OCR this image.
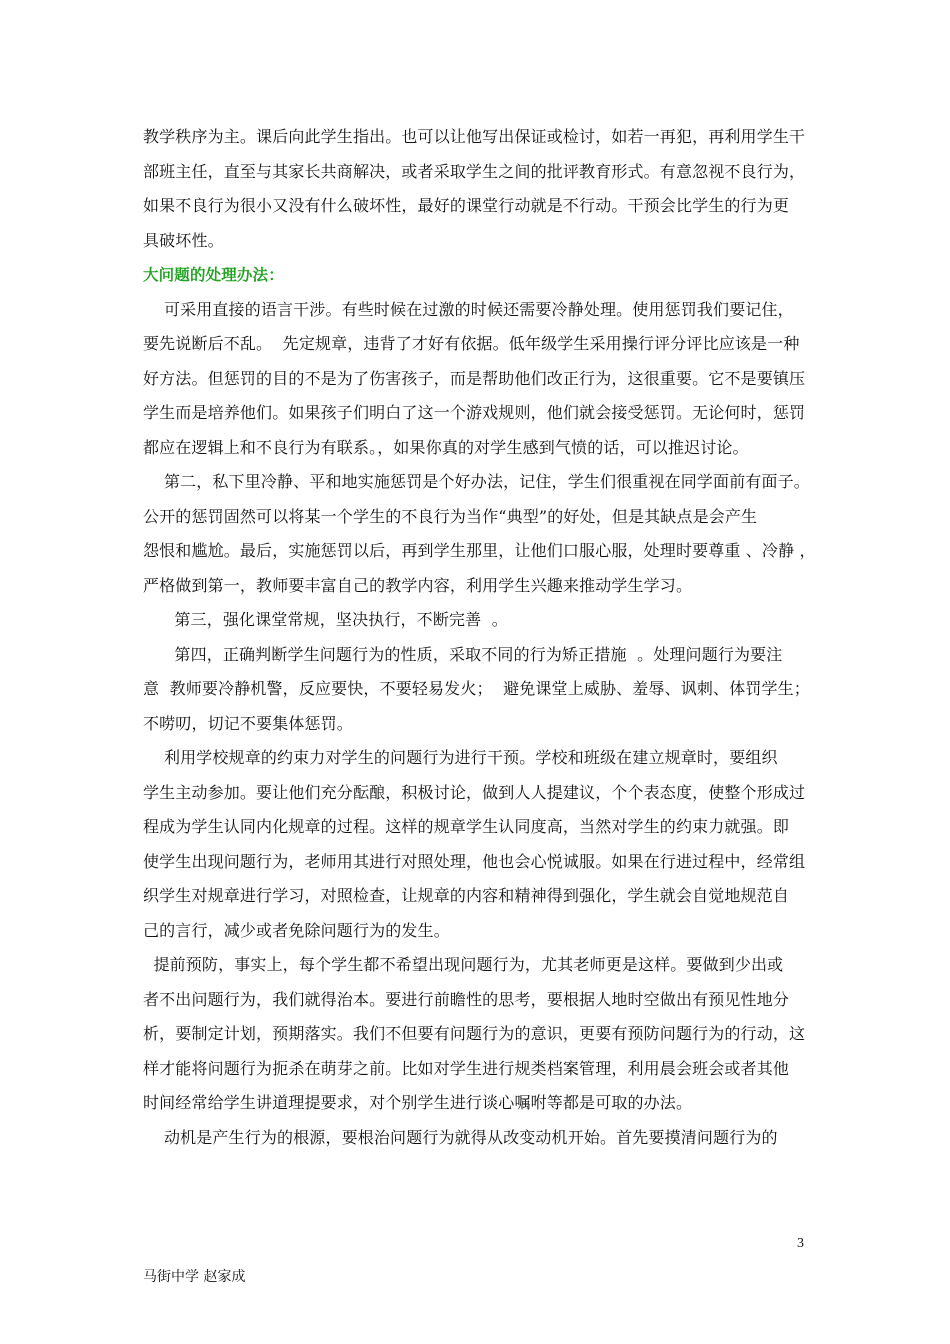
教学秩序为主。课后向此学生指出。也可以让他写出保证或检讨，如若一再犯，再利用学生干
部班主任，直至与其家长共商解决，或者采取学生之间的批评教育形式。有意忽视不良行为，
如果不良行为很小又没有什么破坏性，最好的课堂行动就是不行动。干预会比学生的行为更
具破坏性。
大问题的处理办法：
可采用直接的语言干涉。有些时候在过激的时候还需要冷静处理。使用惩罚我们要记住，
要先说断后不乱。  先定规章，违背了才好有依据。低年级学生采用操行评分评比应该是一种
好方法。但惩罚的目的不是为了伤害孩子，而是帮助他们改正行为，这很重要。它不是要镇压
学生而是培养他们。如果孩子们明白了这一个游戏规则，他们就会接受惩罚。无论何时，惩罚
都应在逻辑上和不良行为有联系。，如果你真的对学生感到气愤的话，可以推迟讨论。
第二，私下里冷静、平和地实施惩罚是个好办法，记住，学生们很重视在同学面前有面子。
公开的惩罚固然可以将某一个学生的不良行为当作“典型”的好处，但是其缺点是会产生
怨恨和尴尬。最后，实施惩罚以后，再到学生那里，让他们口服心服，处理时要尊重 、冷静 ，
严格做到第一，教师要丰富自己的教学内容，利用学生兴趣来推动学生学习。
第三，强化课堂常规，坚决执行，不断完善  。
第四，正确判断学生问题行为的性质，采取不同的行为矫正措施  。处理问题行为要注
意  教师要冷静机警，反应要快，不要轻易发火；  避免课堂上威胁、羞辱、讽刺、体罚学生；
不唠叨，切记不要集体惩罚。
利用学校规章的约束力对学生的问题行为进行干预。学校和班级在建立规章时，要组织
学生主动参加。要让他们充分酝酿，积极讨论，做到人人提建议，个个表态度，使整个形成过
程成为学生认同内化规章的过程。这样的规章学生认同度高，当然对学生的约束力就强。即
使学生出现问题行为，老师用其进行对照处理，他也会心悦诚服。如果在行进过程中，经常组
织学生对规章进行学习，对照检查，让规章的内容和精神得到强化，学生就会自觉地规范自
己的言行，减少或者免除问题行为的发生。
提前预防，事实上，每个学生都不希望出现问题行为，尤其老师更是这样。要做到少出或
者不出问题行为，我们就得治本。要进行前瞻性的思考，要根据人地时空做出有预见性地分
析，要制定计划，预期落实。我们不但要有问题行为的意识，更要有预防问题行为的行动，这
样才能将问题行为扼杀在萌芽之前。比如对学生进行规类档案管理，利用晨会班会或者其他
时间经常给学生讲道理提要求，对个别学生进行谈心嘱咐等都是可取的办法。
动机是产生行为的根源，要根治问题行为就得从改变动机开始。首先要摸清问题行为的
3
马街中学 赵家成
